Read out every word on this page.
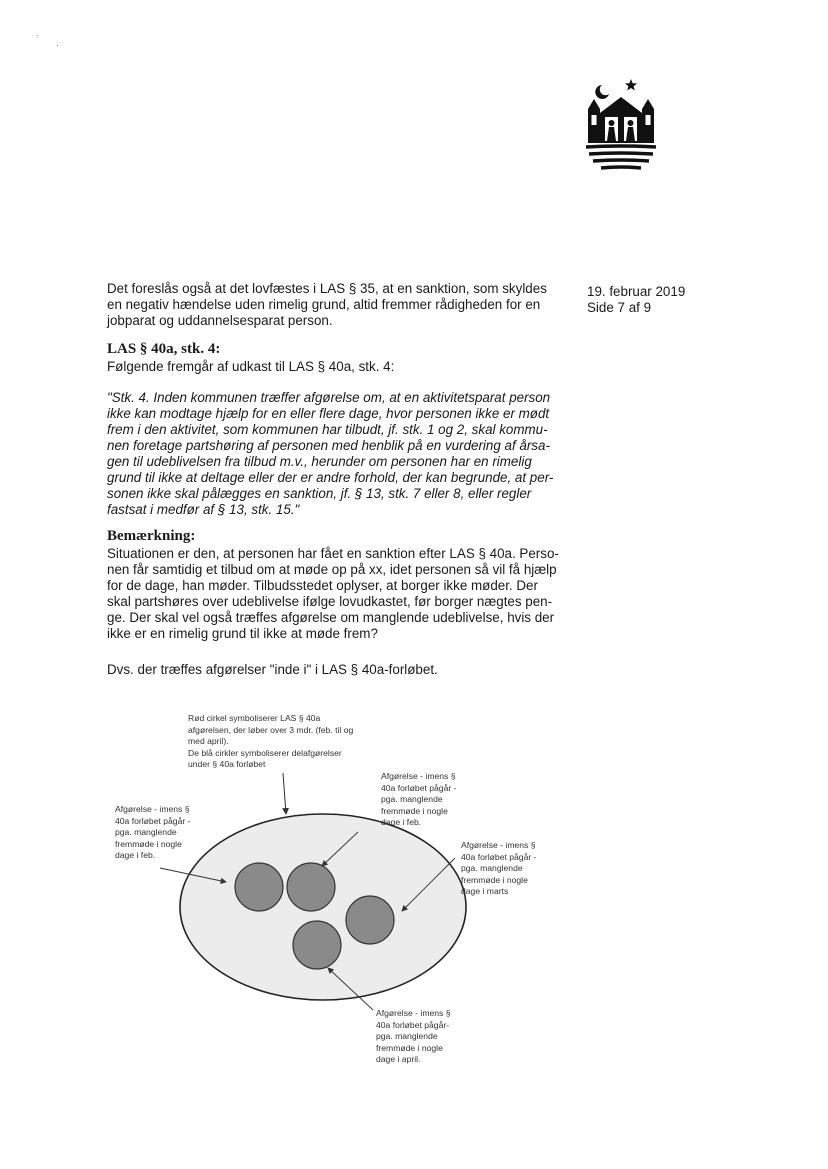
·
·
19. februar 2019
Side 7 af 9
Det foreslås også at det lovfæstes i LAS § 35, at en sanktion, som skyldes
en negativ hændelse uden rimelig grund, altid fremmer rådigheden for en
jobparat og uddannelsesparat person.
LAS § 40a, stk. 4:
Følgende fremgår af udkast til LAS § 40a, stk. 4:
"Stk. 4. Inden kommunen træffer afgørelse om, at en aktivitetsparat person
ikke kan modtage hjælp for en eller flere dage, hvor personen ikke er mødt
frem i den aktivitet, som kommunen har tilbudt, jf. stk. 1 og 2, skal kommu-
nen foretage partshøring af personen med henblik på en vurdering af årsa-
gen til udeblivelsen fra tilbud m.v., herunder om personen har en rimelig
grund til ikke at deltage eller der er andre forhold, der kan begrunde, at per-
sonen ikke skal pålægges en sanktion, jf. § 13, stk. 7 eller 8, eller regler
fastsat i medfør af § 13, stk. 15."
Bemærkning:
Situationen er den, at personen har fået en sanktion efter LAS § 40a. Perso-
nen får samtidig et tilbud om at møde op på xx, idet personen så vil få hjælp
for de dage, han møder. Tilbudsstedet oplyser, at borger ikke møder. Der
skal partshøres over udeblivelse ifølge lovudkastet, før borger nægtes pen-
ge. Der skal vel også træffes afgørelse om manglende udeblivelse, hvis der
ikke er en rimelig grund til ikke at møde frem?
Dvs. der træffes afgørelser "inde i" i LAS § 40a-forløbet.
Rød cirkel symboliserer LAS § 40a
afgørelsen, der løber over 3 mdr. (feb. til og
med april).
De blå cirkler symboliserer delafgørelser
under § 40a forløbet
Afgørelse - imens §
40a forløbet pågår -
pga. manglende
fremmøde i nogle
dage i feb.
Afgørelse - imens §
40a forløbet pågår -
pga. manglende
fremmøde i nogle
dage i feb.
Afgørelse - imens §
40a forløbet pågår -
pga. manglende
fremmøde i nogle
dage i marts
Afgørelse - imens §
40a forløbet pågår-
pga. manglende
fremmøde i nogle
dage i april.
